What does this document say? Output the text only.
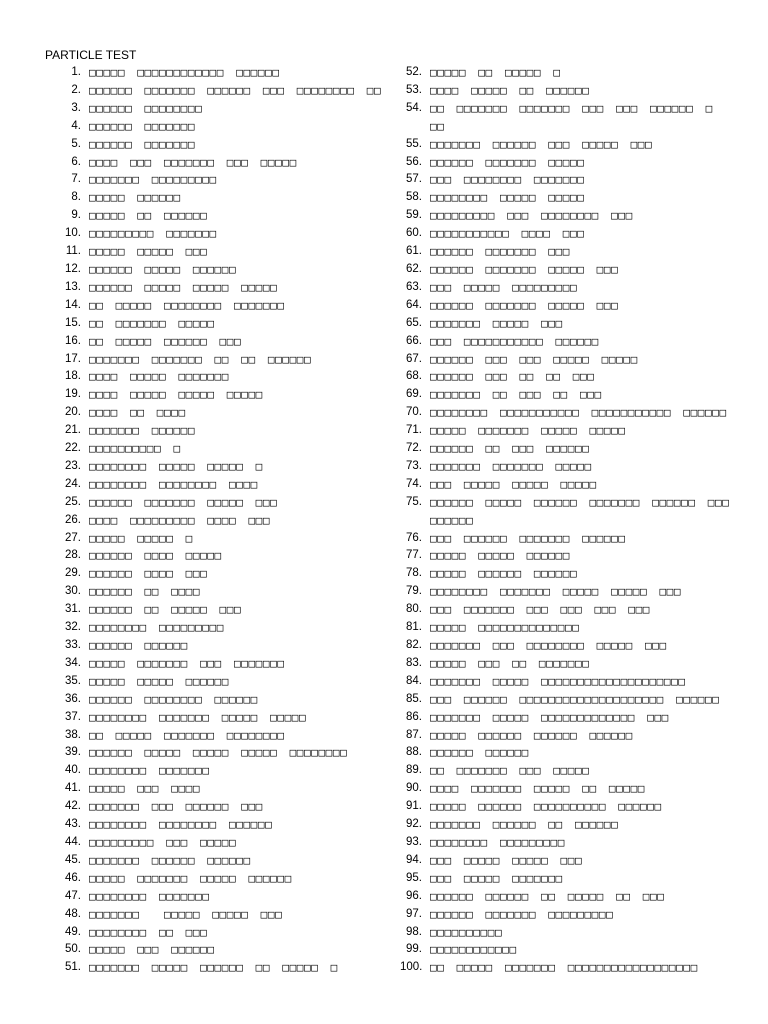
PARTICLE TEST
1. □□□□□ □□□□□□□□□□□□ □□□□□□
2. □□□□□□ □□□□□□□ □□□□□□ □□□ □□□□□□□□ □□
3. □□□□□□ □□□□□□□□
4. □□□□□□ □□□□□□□
5. □□□□□□ □□□□□□□
6. □□□□ □□□ □□□□□□□ □□□ □□□□□
7. □□□□□□□ □□□□□□□□□
8. □□□□□ □□□□□□
9. □□□□□ □□ □□□□□□
10. □□□□□□□□□ □□□□□□□
11. □□□□□ □□□□□ □□□
12. □□□□□□ □□□□□ □□□□□□
13. □□□□□□ □□□□□ □□□□□ □□□□□
14. □□ □□□□□ □□□□□□□□ □□□□□□□
15. □□ □□□□□□□ □□□□□
16. □□ □□□□□ □□□□□□ □□□
17. □□□□□□□ □□□□□□□ □□ □□ □□□□□□
18. □□□□ □□□□□ □□□□□□□
19. □□□□ □□□□□ □□□□□ □□□□□
20. □□□□ □□ □□□□
21. □□□□□□□ □□□□□□
22. □□□□□□□□□□ □
23. □□□□□□□□ □□□□□ □□□□□ □
24. □□□□□□□□ □□□□□□□□ □□□□
25. □□□□□□ □□□□□□□ □□□□□ □□□
26. □□□□ □□□□□□□□□ □□□□ □□□
27. □□□□□ □□□□□ □
28. □□□□□□ □□□□ □□□□□
29. □□□□□□ □□□□ □□□
30. □□□□□□ □□ □□□□
31. □□□□□□ □□ □□□□□ □□□
32. □□□□□□□□ □□□□□□□□□
33. □□□□□□ □□□□□□
34. □□□□□ □□□□□□□ □□□ □□□□□□□
35. □□□□□ □□□□□ □□□□□□
36. □□□□□□ □□□□□□□□ □□□□□□
37. □□□□□□□□ □□□□□□□ □□□□□ □□□□□
38. □□ □□□□□ □□□□□□□ □□□□□□□□
39. □□□□□□ □□□□□ □□□□□ □□□□□ □□□□□□□□
40. □□□□□□□□ □□□□□□□
41. □□□□□ □□□ □□□□
42. □□□□□□□ □□□ □□□□□□ □□□
43. □□□□□□□□ □□□□□□□□ □□□□□□
44. □□□□□□□□□ □□□ □□□□□
45. □□□□□□□ □□□□□□ □□□□□□
46. □□□□□ □□□□□□□ □□□□□ □□□□□□
47. □□□□□□□□ □□□□□□□
48. □□□□□□□  □□□□□ □□□□□ □□□
49. □□□□□□□□ □□ □□□
50. □□□□□ □□□ □□□□□□
51. □□□□□□□ □□□□□ □□□□□□ □□ □□□□□ □
52. □□□□□ □□ □□□□□ □
53. □□□□ □□□□□ □□ □□□□□□
54. □□ □□□□□□□ □□□□□□□ □□□ □□□ □□□□□□ □ □□
55. □□□□□□□ □□□□□□ □□□ □□□□□ □□□
56. □□□□□□ □□□□□□□ □□□□□
57. □□□ □□□□□□□□ □□□□□□□
58. □□□□□□□□ □□□□□ □□□□□
59. □□□□□□□□□ □□□ □□□□□□□□ □□□
60. □□□□□□□□□□□ □□□□ □□□
61. □□□□□□ □□□□□□□ □□□
62. □□□□□□ □□□□□□□ □□□□□ □□□
63. □□□ □□□□□ □□□□□□□□□
64. □□□□□□ □□□□□□□ □□□□□ □□□
65. □□□□□□□ □□□□□ □□□
66. □□□ □□□□□□□□□□□ □□□□□□
67. □□□□□□ □□□ □□□ □□□□□ □□□□□
68. □□□□□□ □□□ □□ □□ □□□
69. □□□□□□□ □□ □□□ □□ □□□
70. □□□□□□□□ □□□□□□□□□□□ □□□□□□□□□□□ □□□□□□
71. □□□□□ □□□□□□□ □□□□□ □□□□□
72. □□□□□□ □□ □□□ □□□□□□
73. □□□□□□□ □□□□□□□ □□□□□
74. □□□ □□□□□ □□□□□ □□□□□
75. □□□□□□ □□□□□ □□□□□□ □□□□□□□ □□□□□□ □□□ □□□□□□
76. □□□ □□□□□□ □□□□□□□ □□□□□□
77. □□□□□ □□□□□ □□□□□□
78. □□□□□ □□□□□□ □□□□□□
79. □□□□□□□□ □□□□□□□ □□□□□ □□□□□ □□□
80. □□□ □□□□□□□ □□□ □□□ □□□ □□□
81. □□□□□ □□□□□□□□□□□□□□
82. □□□□□□□ □□□ □□□□□□□□ □□□□□ □□□
83. □□□□□ □□□ □□ □□□□□□□
84. □□□□□□□ □□□□□ □□□□□□□□□□□□□□□□□□□□
85. □□□ □□□□□□ □□□□□□□□□□□□□□□□□□□□ □□□□□□
86. □□□□□□□ □□□□□ □□□□□□□□□□□□□ □□□
87. □□□□□ □□□□□□ □□□□□□ □□□□□□
88. □□□□□□ □□□□□□
89. □□ □□□□□□□ □□□ □□□□□
90. □□□□ □□□□□□□ □□□□□ □□ □□□□□
91. □□□□□ □□□□□□ □□□□□□□□□□ □□□□□□
92. □□□□□□□ □□□□□□ □□ □□□□□□
93. □□□□□□□□ □□□□□□□□□
94. □□□ □□□□□ □□□□□ □□□
95. □□□ □□□□□ □□□□□□□
96. □□□□□□ □□□□□□ □□ □□□□□ □□ □□□
97. □□□□□□ □□□□□□□ □□□□□□□□□
98. □□□□□□□□□□
99. □□□□□□□□□□□□
100. □□ □□□□□ □□□□□□□ □□□□□□□□□□□□□□□□□□
